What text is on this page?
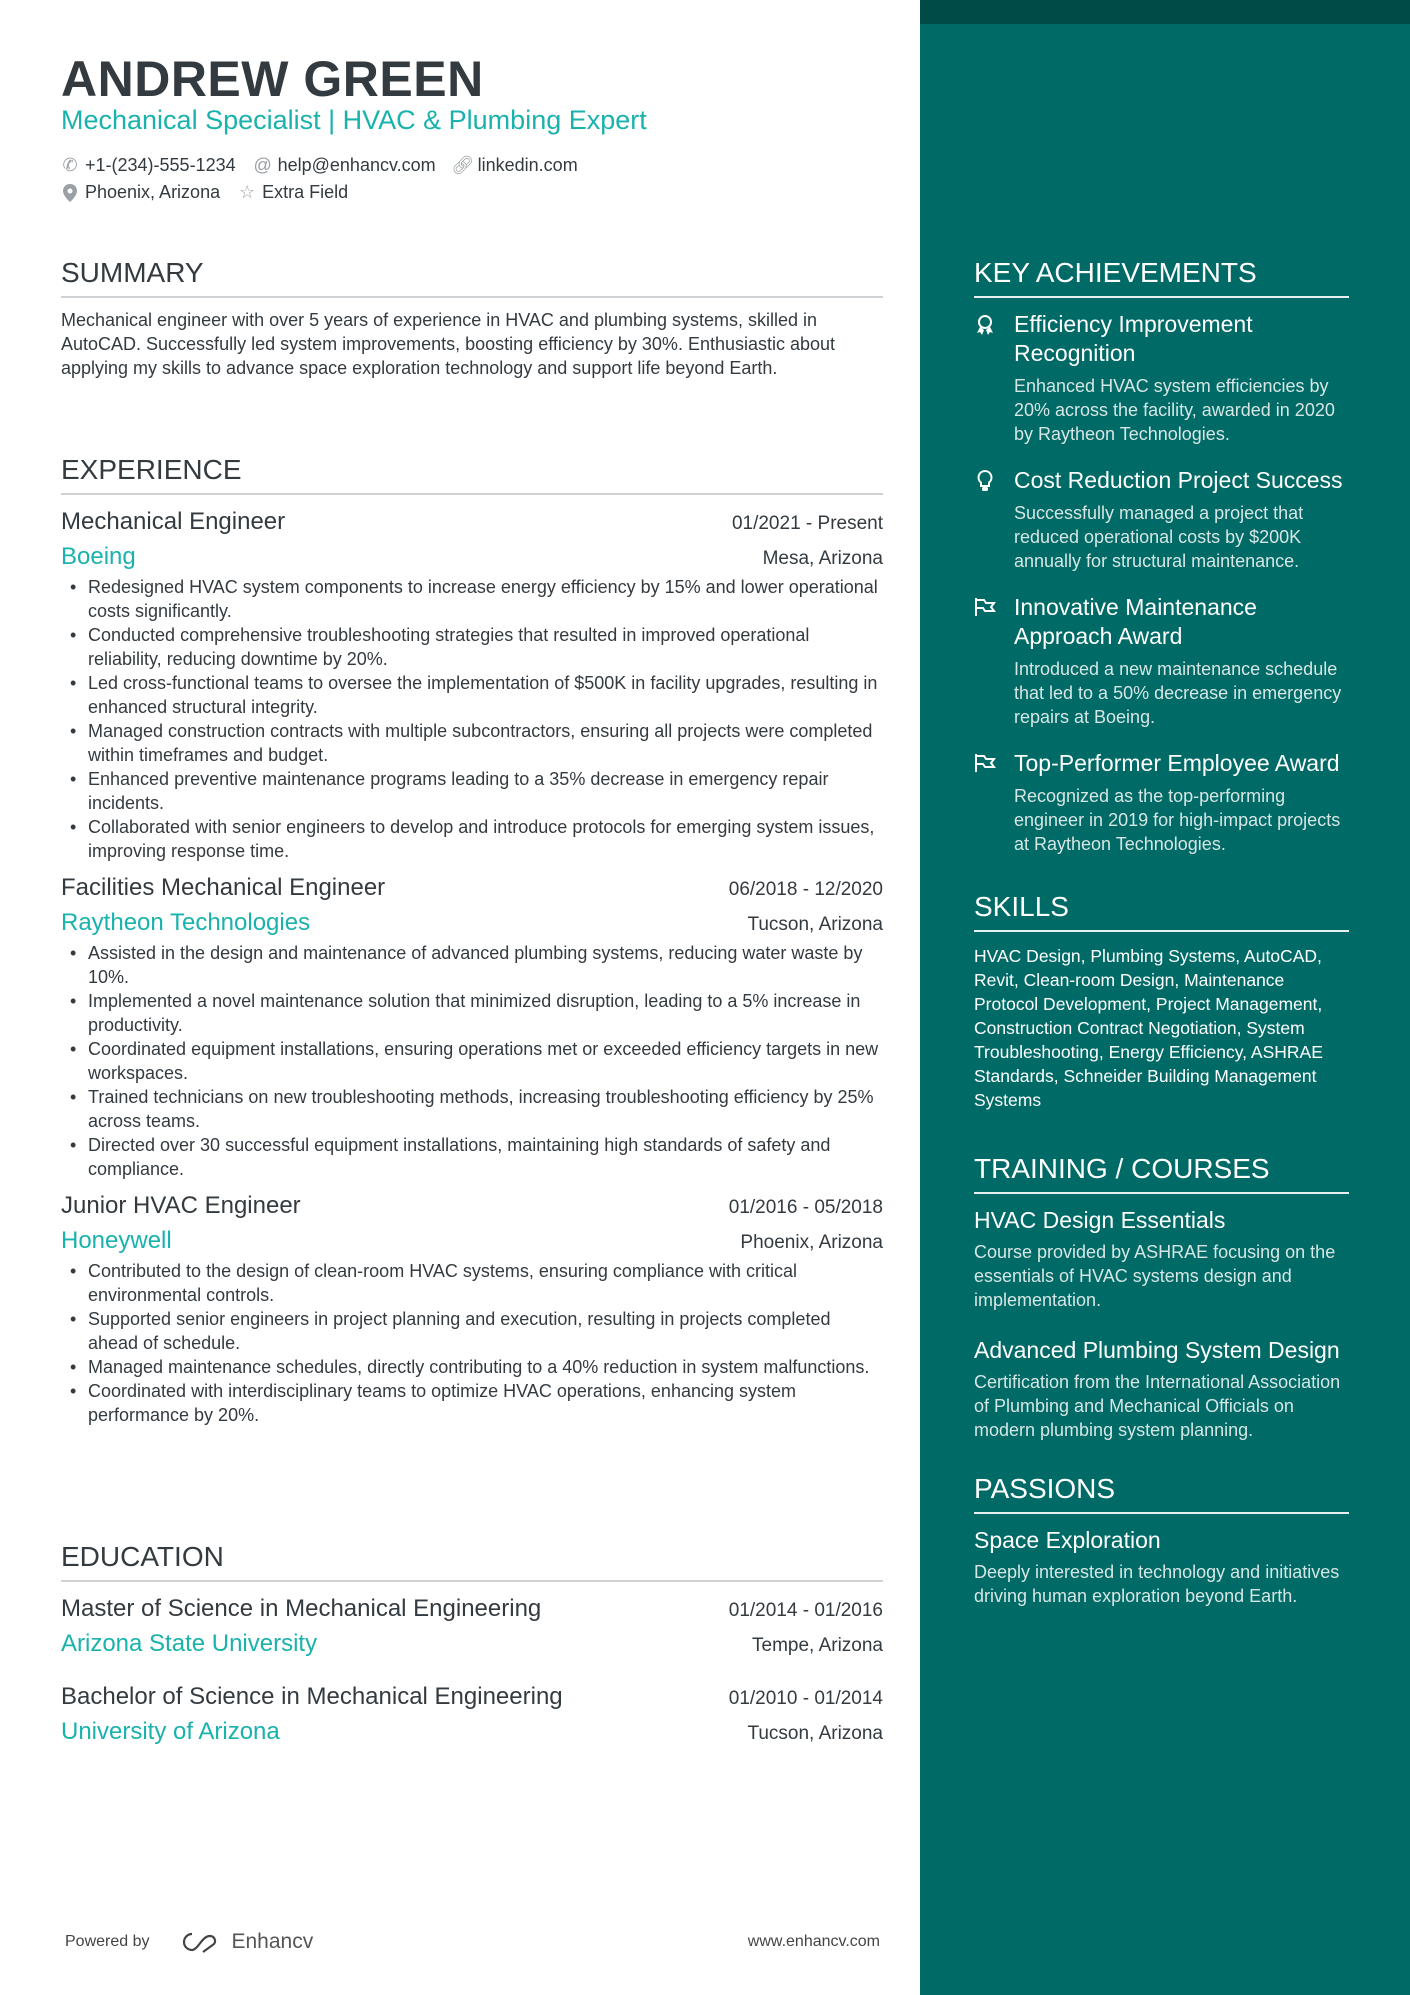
ANDREW GREEN
Mechanical Specialist | HVAC & Plumbing Expert
✆ +1-(234)-555-1234 @ help@enhancv.com 🔗︎ linkedin.com
Phoenix, Arizona ☆ Extra Field
SUMMARY
Mechanical engineer with over 5 years of experience in HVAC and plumbing systems, skilled in AutoCAD. Successfully led system improvements, boosting efficiency by 30%. Enthusiastic about applying my skills to advance space exploration technology and support life beyond Earth.
EXPERIENCE
Mechanical Engineer	01/2021 - Present
Boeing	Mesa, Arizona
• Redesigned HVAC system components to increase energy efficiency by 15% and lower operational costs significantly.
• Conducted comprehensive troubleshooting strategies that resulted in improved operational reliability, reducing downtime by 20%.
• Led cross-functional teams to oversee the implementation of $500K in facility upgrades, resulting in enhanced structural integrity.
• Managed construction contracts with multiple subcontractors, ensuring all projects were completed within timeframes and budget.
• Enhanced preventive maintenance programs leading to a 35% decrease in emergency repair incidents.
• Collaborated with senior engineers to develop and introduce protocols for emerging system issues, improving response time.
Facilities Mechanical Engineer	06/2018 - 12/2020
Raytheon Technologies	Tucson, Arizona
• Assisted in the design and maintenance of advanced plumbing systems, reducing water waste by 10%.
• Implemented a novel maintenance solution that minimized disruption, leading to a 5% increase in productivity.
• Coordinated equipment installations, ensuring operations met or exceeded efficiency targets in new workspaces.
• Trained technicians on new troubleshooting methods, increasing troubleshooting efficiency by 25% across teams.
• Directed over 30 successful equipment installations, maintaining high standards of safety and compliance.
Junior HVAC Engineer	01/2016 - 05/2018
Honeywell	Phoenix, Arizona
• Contributed to the design of clean-room HVAC systems, ensuring compliance with critical environmental controls.
• Supported senior engineers in project planning and execution, resulting in projects completed ahead of schedule.
• Managed maintenance schedules, directly contributing to a 40% reduction in system malfunctions.
• Coordinated with interdisciplinary teams to optimize HVAC operations, enhancing system performance by 20%.
EDUCATION
Master of Science in Mechanical Engineering	01/2014 - 01/2016
Arizona State University	Tempe, Arizona
Bachelor of Science in Mechanical Engineering	01/2010 - 01/2014
University of Arizona	Tucson, Arizona
KEY ACHIEVEMENTS
Efficiency Improvement Recognition
Enhanced HVAC system efficiencies by 20% across the facility, awarded in 2020 by Raytheon Technologies.
Cost Reduction Project Success
Successfully managed a project that reduced operational costs by $200K annually for structural maintenance.
Innovative Maintenance Approach Award
Introduced a new maintenance schedule that led to a 50% decrease in emergency repairs at Boeing.
Top-Performer Employee Award
Recognized as the top-performing engineer in 2019 for high-impact projects at Raytheon Technologies.
SKILLS
HVAC Design, Plumbing Systems, AutoCAD, Revit, Clean-room Design, Maintenance Protocol Development, Project Management, Construction Contract Negotiation, System Troubleshooting, Energy Efficiency, ASHRAE Standards, Schneider Building Management Systems
TRAINING / COURSES
HVAC Design Essentials
Course provided by ASHRAE focusing on the essentials of HVAC systems design and implementation.
Advanced Plumbing System Design
Certification from the International Association of Plumbing and Mechanical Officials on modern plumbing system planning.
PASSIONS
Space Exploration
Deeply interested in technology and initiatives driving human exploration beyond Earth.
Powered by	Enhancv	www.enhancv.com
